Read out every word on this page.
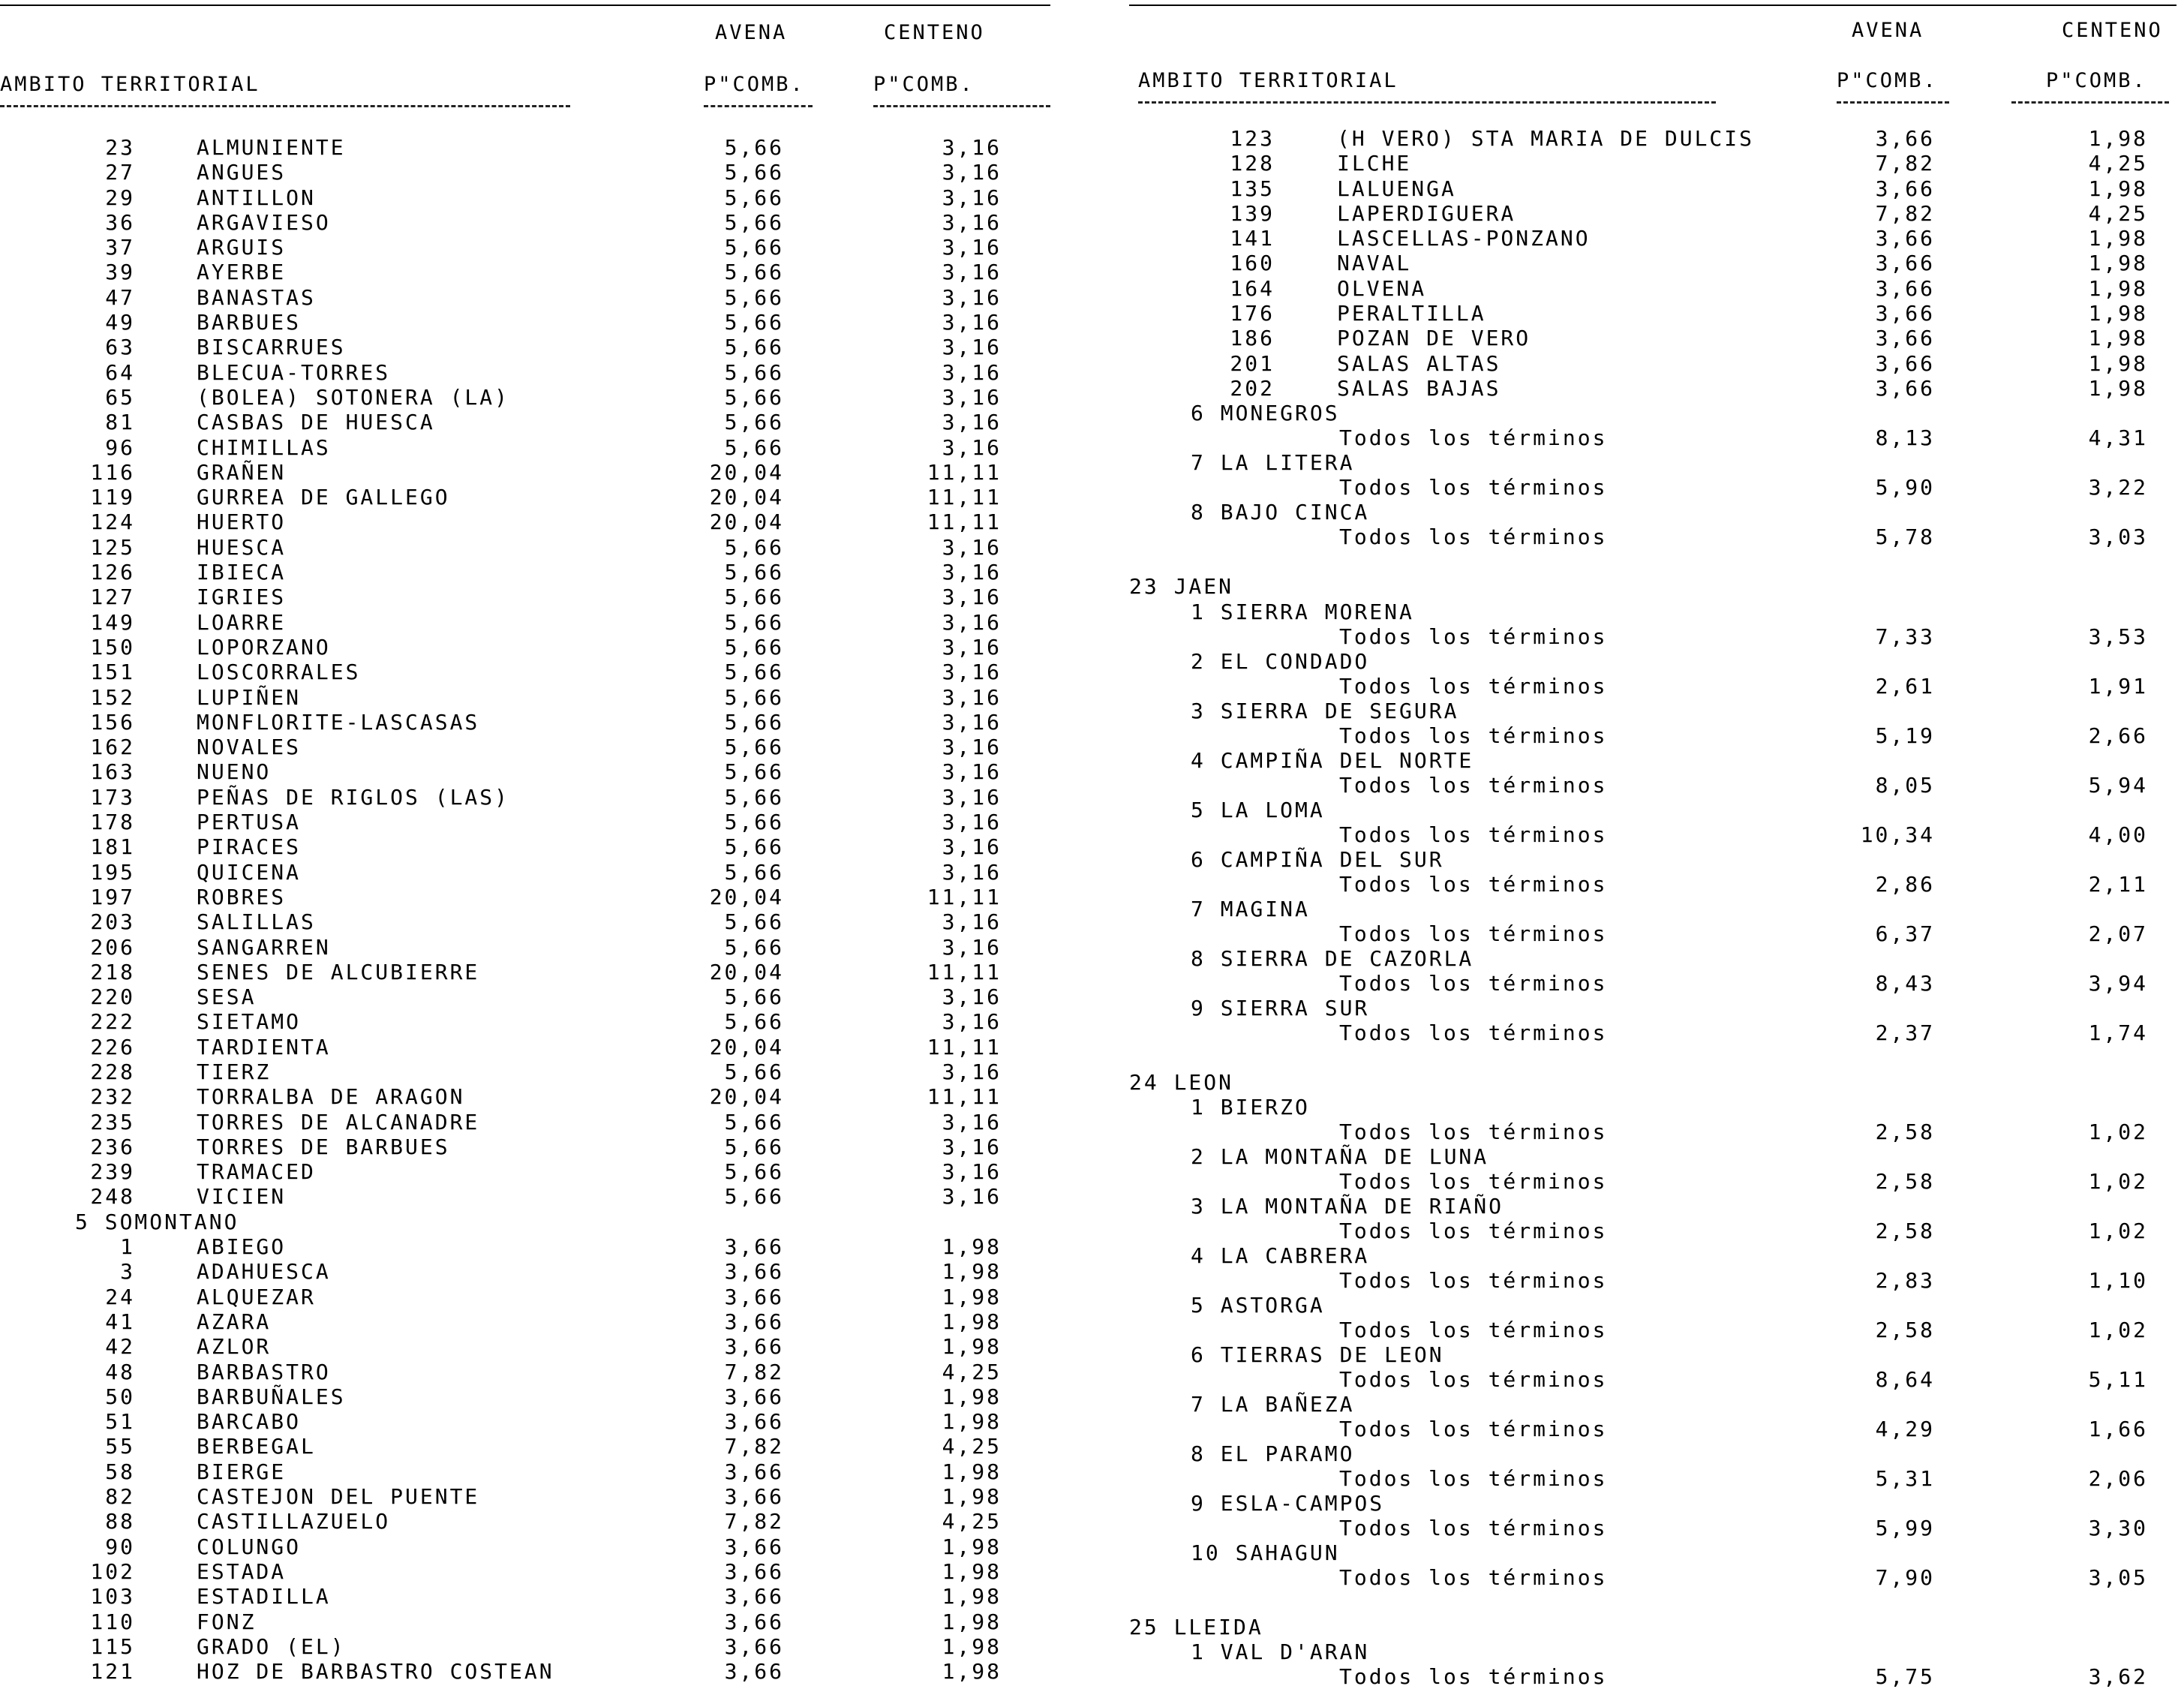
AVENA	CENTENO
AMBITO TERRITORIAL	P"COMB.	P"COMB.
23	ALMUNIENTE	5,66	3,16
27	ANGUES	5,66	3,16
29	ANTILLON	5,66	3,16
36	ARGAVIESO	5,66	3,16
37	ARGUIS	5,66	3,16
39	AYERBE	5,66	3,16
47	BANASTAS	5,66	3,16
49	BARBUES	5,66	3,16
63	BISCARRUES	5,66	3,16
64	BLECUA-TORRES	5,66	3,16
65	(BOLEA) SOTONERA (LA)	5,66	3,16
81	CASBAS DE HUESCA	5,66	3,16
96	CHIMILLAS	5,66	3,16
116	GRAÑEN	20,04	11,11
119	GURREA DE GALLEGO	20,04	11,11
124	HUERTO	20,04	11,11
125	HUESCA	5,66	3,16
126	IBIECA	5,66	3,16
127	IGRIES	5,66	3,16
149	LOARRE	5,66	3,16
150	LOPORZANO	5,66	3,16
151	LOSCORRALES	5,66	3,16
152	LUPIÑEN	5,66	3,16
156	MONFLORITE-LASCASAS	5,66	3,16
162	NOVALES	5,66	3,16
163	NUENO	5,66	3,16
173	PEÑAS DE RIGLOS (LAS)	5,66	3,16
178	PERTUSA	5,66	3,16
181	PIRACES	5,66	3,16
195	QUICENA	5,66	3,16
197	ROBRES	20,04	11,11
203	SALILLAS	5,66	3,16
206	SANGARREN	5,66	3,16
218	SENES DE ALCUBIERRE	20,04	11,11
220	SESA	5,66	3,16
222	SIETAMO	5,66	3,16
226	TARDIENTA	20,04	11,11
228	TIERZ	5,66	3,16
232	TORRALBA DE ARAGON	20,04	11,11
235	TORRES DE ALCANADRE	5,66	3,16
236	TORRES DE BARBUES	5,66	3,16
239	TRAMACED	5,66	3,16
248	VICIEN	5,66	3,16
5 SOMONTANO
1	ABIEGO	3,66	1,98
3	ADAHUESCA	3,66	1,98
24	ALQUEZAR	3,66	1,98
41	AZARA	3,66	1,98
42	AZLOR	3,66	1,98
48	BARBASTRO	7,82	4,25
50	BARBUÑALES	3,66	1,98
51	BARCABO	3,66	1,98
55	BERBEGAL	7,82	4,25
58	BIERGE	3,66	1,98
82	CASTEJON DEL PUENTE	3,66	1,98
88	CASTILLAZUELO	7,82	4,25
90	COLUNGO	3,66	1,98
102	ESTADA	3,66	1,98
103	ESTADILLA	3,66	1,98
110	FONZ	3,66	1,98
115	GRADO (EL)	3,66	1,98
121	HOZ DE BARBASTRO COSTEAN	3,66	1,98
AVENA	CENTENO
AMBITO TERRITORIAL	P"COMB.	P"COMB.
123	(H VERO) STA MARIA DE DULCIS	3,66	1,98
128	ILCHE	7,82	4,25
135	LALUENGA	3,66	1,98
139	LAPERDIGUERA	7,82	4,25
141	LASCELLAS-PONZANO	3,66	1,98
160	NAVAL	3,66	1,98
164	OLVENA	3,66	1,98
176	PERALTILLA	3,66	1,98
186	POZAN DE VERO	3,66	1,98
201	SALAS ALTAS	3,66	1,98
202	SALAS BAJAS	3,66	1,98
6 MONEGROS
Todos los términos	8,13	4,31
7 LA LITERA
Todos los términos	5,90	3,22
8 BAJO CINCA
Todos los términos	5,78	3,03
23 JAEN
1 SIERRA MORENA
Todos los términos	7,33	3,53
2 EL CONDADO
Todos los términos	2,61	1,91
3 SIERRA DE SEGURA
Todos los términos	5,19	2,66
4 CAMPIÑA DEL NORTE
Todos los términos	8,05	5,94
5 LA LOMA
Todos los términos	10,34	4,00
6 CAMPIÑA DEL SUR
Todos los términos	2,86	2,11
7 MAGINA
Todos los términos	6,37	2,07
8 SIERRA DE CAZORLA
Todos los términos	8,43	3,94
9 SIERRA SUR
Todos los términos	2,37	1,74
24 LEON
1 BIERZO
Todos los términos	2,58	1,02
2 LA MONTAÑA DE LUNA
Todos los términos	2,58	1,02
3 LA MONTAÑA DE RIAÑO
Todos los términos	2,58	1,02
4 LA CABRERA
Todos los términos	2,83	1,10
5 ASTORGA
Todos los términos	2,58	1,02
6 TIERRAS DE LEON
Todos los términos	8,64	5,11
7 LA BAÑEZA
Todos los términos	4,29	1,66
8 EL PARAMO
Todos los términos	5,31	2,06
9 ESLA-CAMPOS
Todos los términos	5,99	3,30
10 SAHAGUN
Todos los términos	7,90	3,05
25 LLEIDA
1 VAL D'ARAN
Todos los términos	5,75	3,62
